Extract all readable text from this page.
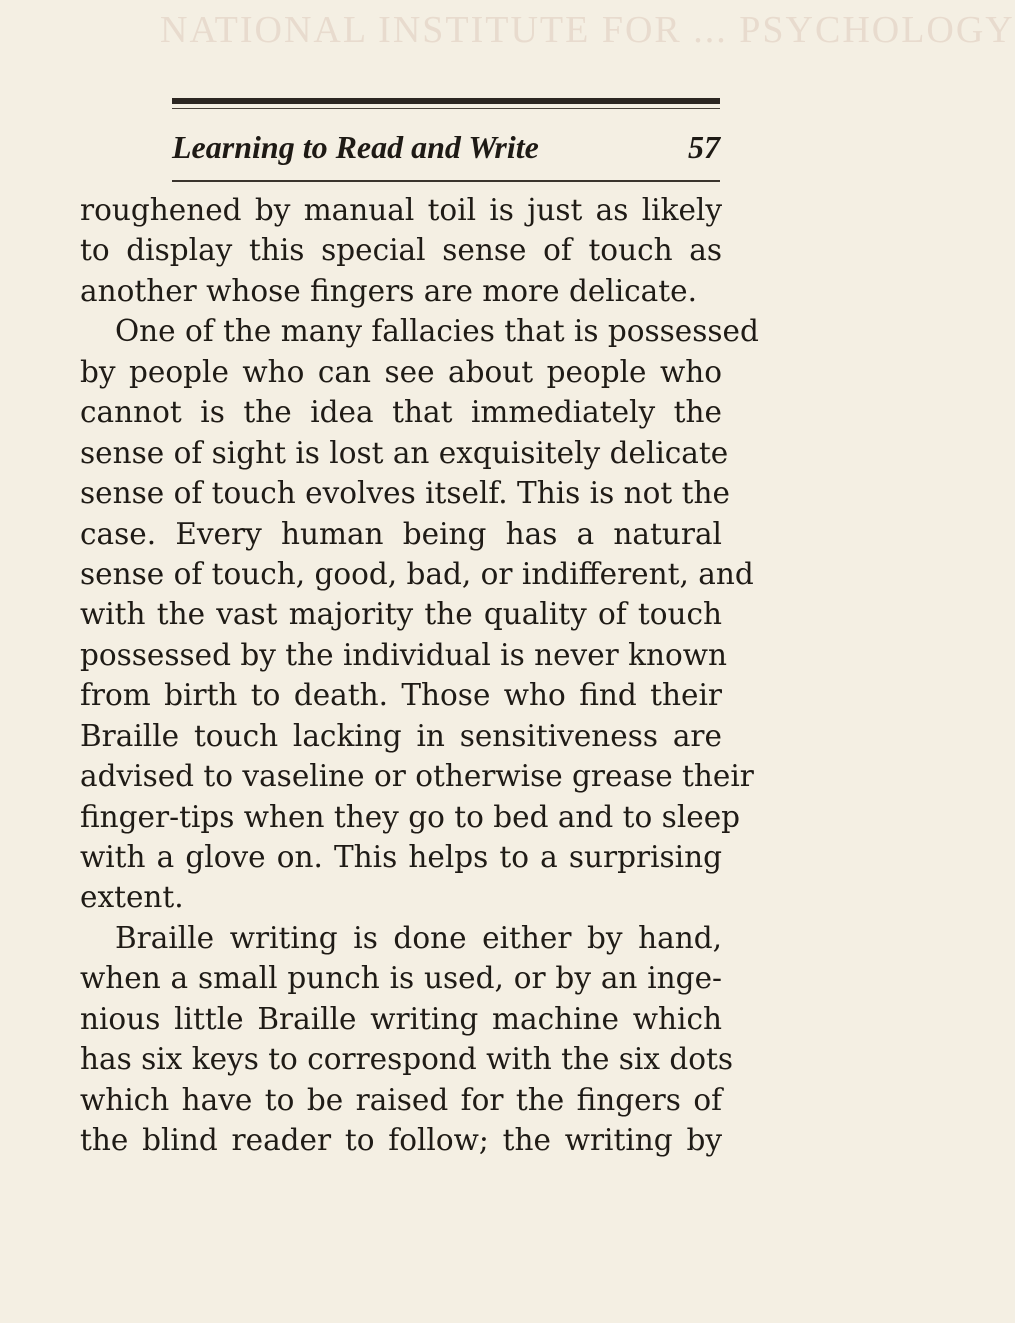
NATIONAL INSTITUTE FOR ... PSYCHOLOGY
Learning to Read and Write	57
roughened by manual toil is just as likely
to display this special sense of touch as
another whose fingers are more delicate.
One of the many fallacies that is possessed
by people who can see about people who
cannot is the idea that immediately the
sense of sight is lost an exquisitely delicate
sense of touch evolves itself. This is not the
case. Every human being has a natural
sense of touch, good, bad, or indifferent, and
with the vast majority the quality of touch
possessed by the individual is never known
from birth to death. Those who find their
Braille touch lacking in sensitiveness are
advised to vaseline or otherwise grease their
finger-tips when they go to bed and to sleep
with a glove on. This helps to a surprising
extent.
Braille writing is done either by hand,
when a small punch is used, or by an inge-
nious little Braille writing machine which
has six keys to correspond with the six dots
which have to be raised for the fingers of
the blind reader to follow; the writing by
